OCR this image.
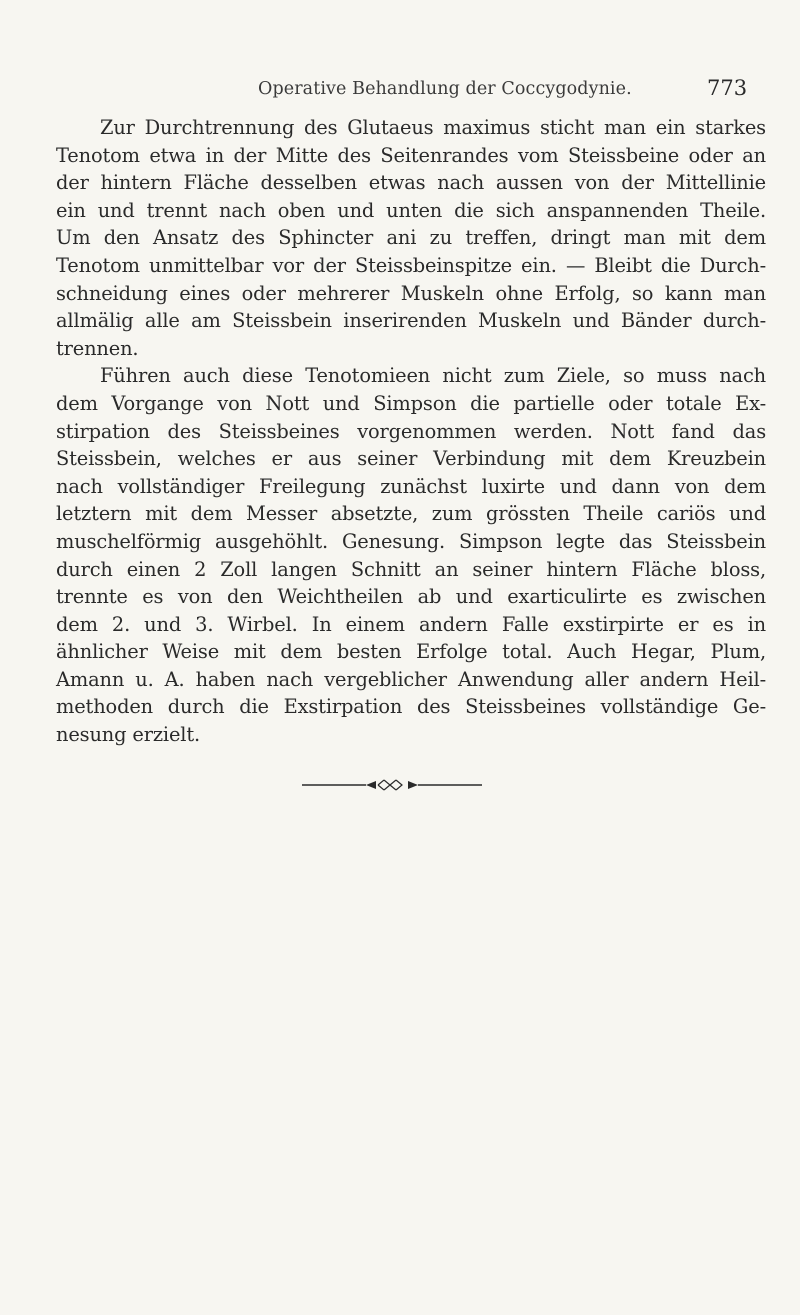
Operative Behandlung der Coccygodynie.	773
Zur Durchtrennung des Glutaeus maximus sticht man ein starkes
Tenotom etwa in der Mitte des Seitenrandes vom Steissbeine oder an
der hintern Fläche desselben etwas nach aussen von der Mittellinie
ein und trennt nach oben und unten die sich anspannenden Theile.
Um den Ansatz des Sphincter ani zu treffen, dringt man mit dem
Tenotom unmittelbar vor der Steissbeinspitze ein. — Bleibt die Durch-
schneidung eines oder mehrerer Muskeln ohne Erfolg, so kann man
allmälig alle am Steissbein inserirenden Muskeln und Bänder durch-
trennen.
Führen auch diese Tenotomieen nicht zum Ziele, so muss nach
dem Vorgange von Nott und Simpson die partielle oder totale Ex-
stirpation des Steissbeines vorgenommen werden. Nott fand das
Steissbein, welches er aus seiner Verbindung mit dem Kreuzbein
nach vollständiger Freilegung zunächst luxirte und dann von dem
letztern mit dem Messer absetzte, zum grössten Theile cariös und
muschelförmig ausgehöhlt. Genesung. Simpson legte das Steissbein
durch einen 2 Zoll langen Schnitt an seiner hintern Fläche bloss,
trennte es von den Weichtheilen ab und exarticulirte es zwischen
dem 2. und 3. Wirbel. In einem andern Falle exstirpirte er es in
ähnlicher Weise mit dem besten Erfolge total. Auch Hegar, Plum,
Amann u. A. haben nach vergeblicher Anwendung aller andern Heil-
methoden durch die Exstirpation des Steissbeines vollständige Ge-
nesung erzielt.
